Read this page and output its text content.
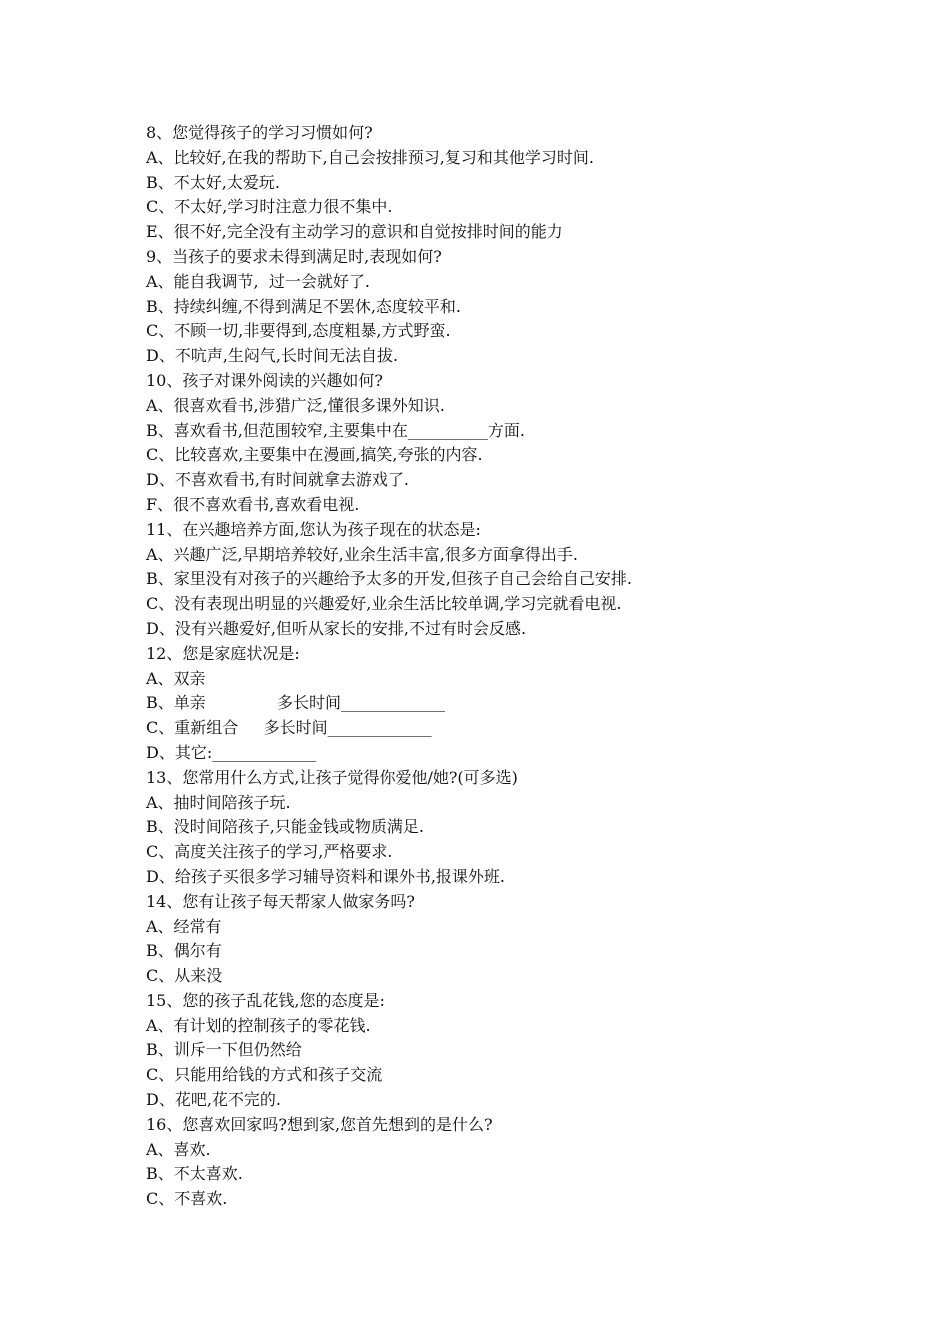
8、您觉得孩子的学习习惯如何?
A、比较好,在我的帮助下,自己会按排预习,复习和其他学习时间.
B、不太好,太爱玩.
C、不太好,学习时注意力很不集中.
E、很不好,完全没有主动学习的意识和自觉按排时间的能力
9、当孩子的要求未得到满足时,表现如何?
A、能自我调节,  过一会就好了.
B、持续纠缠,不得到满足不罢休,态度较平和.
C、不顾一切,非要得到,态度粗暴,方式野蛮.
D、不吭声,生闷气,长时间无法自拔.
10、孩子对课外阅读的兴趣如何?
A、很喜欢看书,涉猎广泛,懂很多课外知识.
B、喜欢看书,但范围较窄,主要集中在__________方面.
C、比较喜欢,主要集中在漫画,搞笑,夸张的内容.
D、不喜欢看书,有时间就拿去游戏了.
F、很不喜欢看书,喜欢看电视.
11、在兴趣培养方面,您认为孩子现在的状态是:
A、兴趣广泛,早期培养较好,业余生活丰富,很多方面拿得出手.
B、家里没有对孩子的兴趣给予太多的开发,但孩子自己会给自己安排.
C、没有表现出明显的兴趣爱好,业余生活比较单调,学习完就看电视.
D、没有兴趣爱好,但听从家长的安排,不过有时会反感.
12、您是家庭状况是:
A、双亲
B、单亲              多长时间_____________
C、重新组合     多长时间_____________
D、其它:_____________
13、您常用什么方式,让孩子觉得你爱他/她?(可多选)
A、抽时间陪孩子玩.
B、没时间陪孩子,只能金钱或物质满足.
C、高度关注孩子的学习,严格要求.
D、给孩子买很多学习辅导资料和课外书,报课外班.
14、您有让孩子每天帮家人做家务吗?
A、经常有
B、偶尔有
C、从来没
15、您的孩子乱花钱,您的态度是:
A、有计划的控制孩子的零花钱.
B、训斥一下但仍然给
C、只能用给钱的方式和孩子交流
D、花吧,花不完的.
16、您喜欢回家吗?想到家,您首先想到的是什么?
A、喜欢.
B、不太喜欢.
C、不喜欢.
